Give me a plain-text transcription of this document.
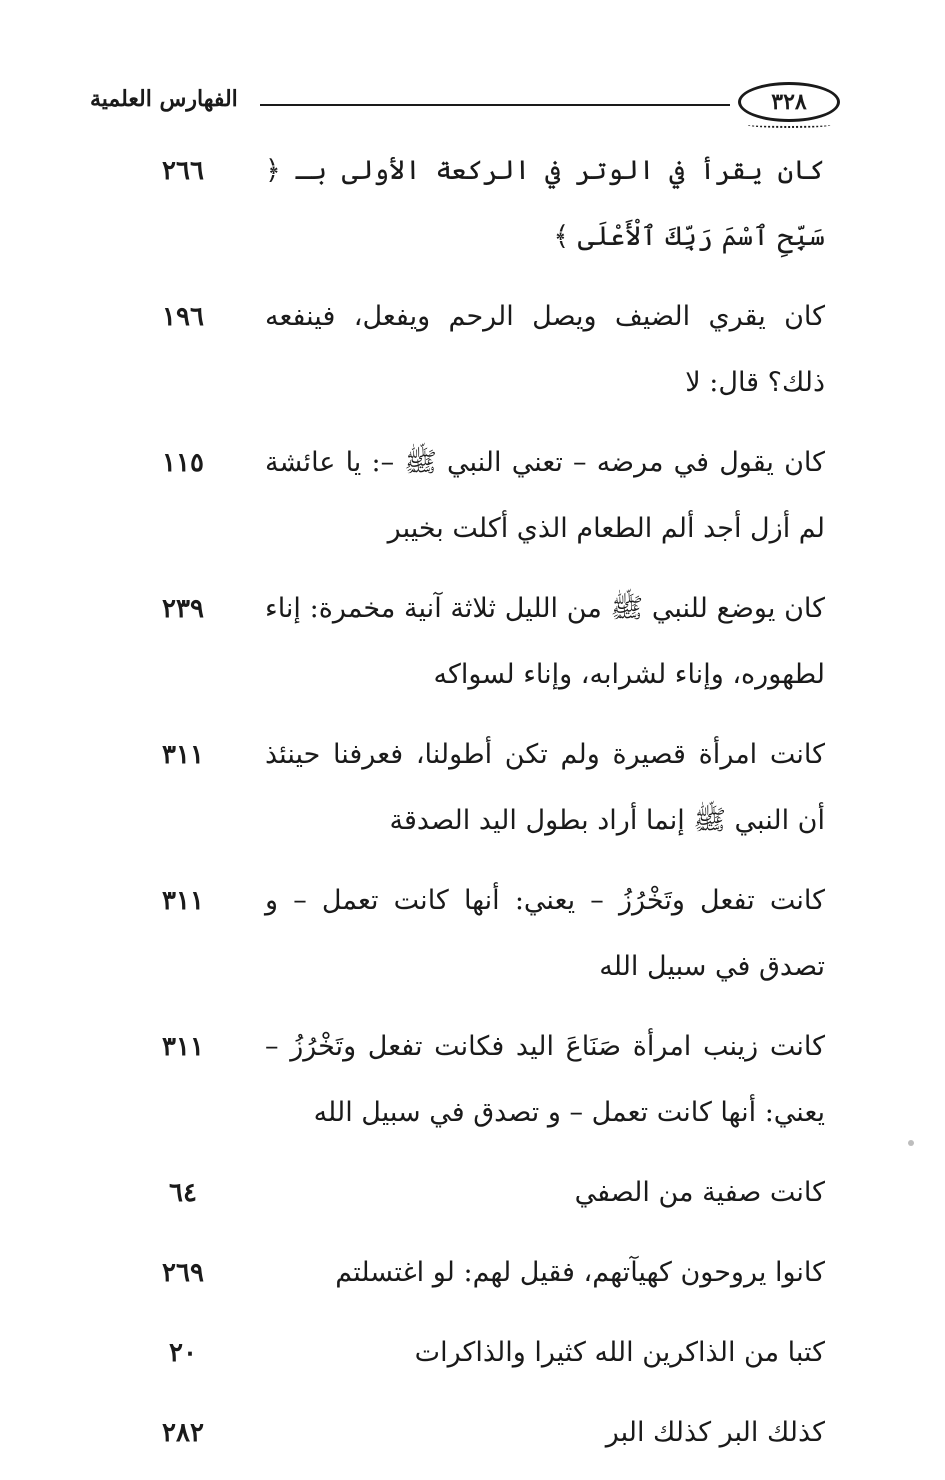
٣٢٨
الفهارس العلمية
كان يقرأ في الوتر في الركعة الأولى بـ ﴿ سَبِّحِ ٱسْمَ رَبِّكَ ٱلْأَعْلَى ﴾
٢٦٦
كان يقري الضيف ويصل الرحم ويفعل، فينفعه ذلك؟ قال: لا
١٩٦
كان يقول في مرضه – تعني النبي ﷺ –: يا عائشة لم أزل أجد ألم الطعام الذي أكلت بخيبر
١١٥
كان يوضع للنبي ﷺ من الليل ثلاثة آنية مخمرة: إناء لطهوره، وإناء لشرابه، وإناء لسواكه
٢٣٩
كانت امرأة قصيرة ولم تكن أطولنا، فعرفنا حينئذ أن النبي ﷺ إنما أراد بطول اليد الصدقة
٣١١
كانت تفعل وتَخْرُزُ – يعني: أنها كانت تعمل – و تصدق في سبيل الله
٣١١
كانت زينب امرأة صَنَاعَ اليد فكانت تفعل وتَخْرُزُ – يعني: أنها كانت تعمل – و تصدق في سبيل الله
٣١١
كانت صفية من الصفي
٦٤
كانوا يروحون كهيآتهم، فقيل لهم: لو اغتسلتم
٢٦٩
كتبا من الذاكرين الله كثيرا والذاكرات
٢٠
كذلك البر كذلك البر
٢٨٢
